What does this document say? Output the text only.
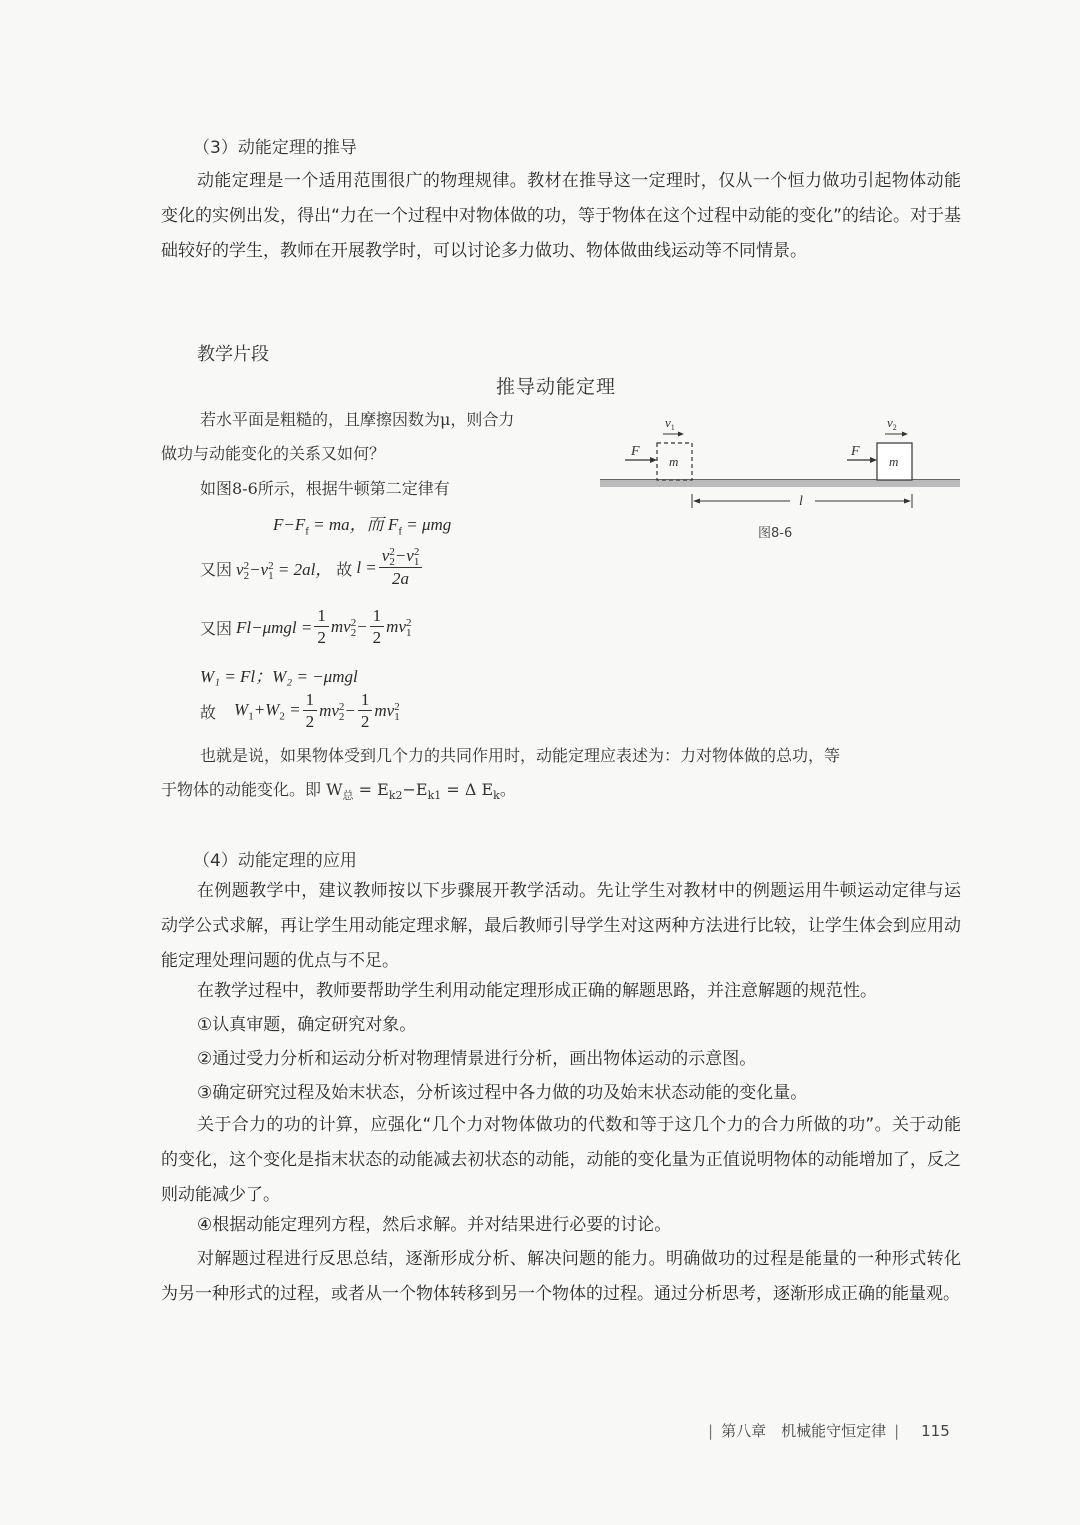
（3）动能定理的推导
动能定理是一个适用范围很广的物理规律。教材在推导这一定理时，仅从一个恒力做功引起物体动能变化的实例出发，得出“力在一个过程中对物体做的功，等于物体在这个过程中动能的变化”的结论。对于基础较好的学生，教师在开展教学时，可以讨论多力做功、物体做曲线运动等不同情景。
教学片段
推导动能定理
若水平面是粗糙的，且摩擦因数为μ，则合力
做功与动能变化的关系又如何？
如图8-6所示，根据牛顿第二定律有
$F-F_f$ = ma，而 $F_f = \mu mg$
又因 v 2
2 −v 2
1 = 2al， 故 l = v 2
2 −v 2
1
2a
又因 $Fl-\mu mgl = \frac{1}{2}$ mv 2
$2 - \frac{1}{2}$ mv 2
1
W₁ = Fl；W₂ = −μmgl
故 $W_1+W_2 = \frac{1}{2}$ mv 2
$2 - \frac{1}{2}$ mv 2
1
也就是说，如果物体受到几个力的共同作用时，动能定理应表述为：力对物体做的总功，等
于物体的动能变化。即 $W_总 = E_{k2}-E_{k1} = \Delta$ $E_k$。
m
F
$v_1$
m
F
$v_2$
l
图8-6
（4）动能定理的应用
在例题教学中，建议教师按以下步骤展开教学活动。先让学生对教材中的例题运用牛顿运动定律与运动学公式求解，再让学生用动能定理求解，最后教师引导学生对这两种方法进行比较，让学生体会到应用动能定理处理问题的优点与不足。
在教学过程中，教师要帮助学生利用动能定理形成正确的解题思路，并注意解题的规范性。
①认真审题，确定研究对象。
②通过受力分析和运动分析对物理情景进行分析，画出物体运动的示意图。
③确定研究过程及始末状态，分析该过程中各力做的功及始末状态动能的变化量。
关于合力的功的计算，应强化“几个力对物体做功的代数和等于这几个力的合力所做的功”。关于动能的变化，这个变化是指末状态的动能减去初状态的动能，动能的变化量为正值说明物体的动能增加了，反之则动能减少了。
④根据动能定理列方程，然后求解。并对结果进行必要的讨论。
对解题过程进行反思总结，逐渐形成分析、解决问题的能力。明确做功的过程是能量的一种形式转化为另一种形式的过程，或者从一个物体转移到另一个物体的过程。通过分析思考，逐渐形成正确的能量观。
| 第八章　机械能守恒定律 | 115
